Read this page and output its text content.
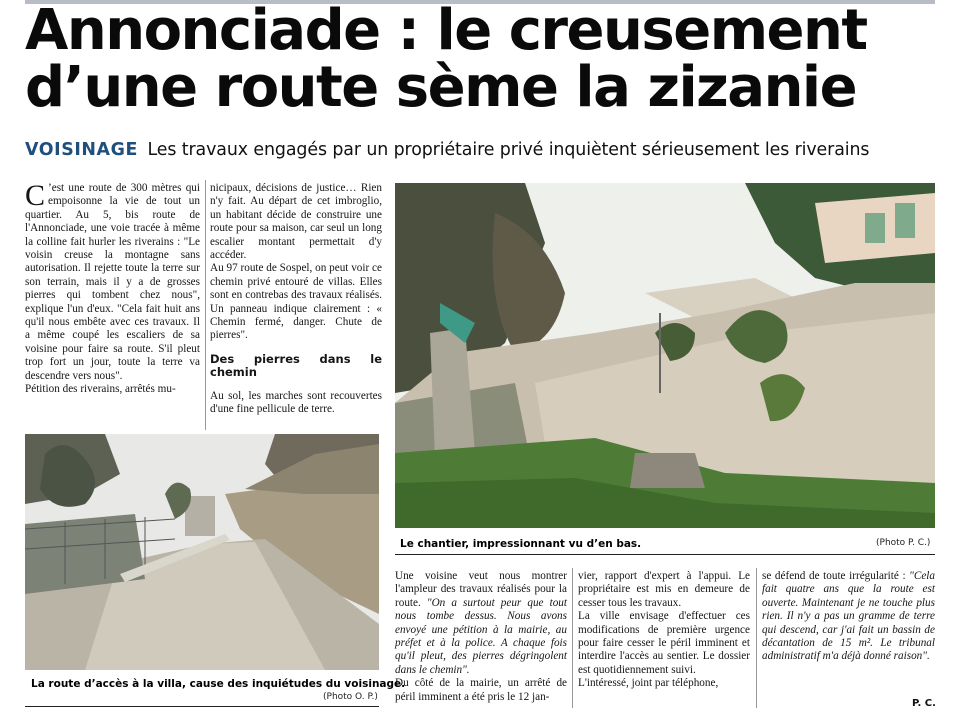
Annonciade : le creusement
d’une route sème la zizanie
VOISINAGE Les travaux engagés par un propriétaire privé inquiètent sérieusement les riverains
C ’est une route de 300 mètres qui empoisonne la vie de tout un quartier. Au 5, bis route de l'Annonciade, une voie tracée à même la colline fait hurler les riverains : "Le voisin creuse la montagne sans autorisation. Il rejette toute la terre sur son terrain, mais il y a de grosses pierres qui tombent chez nous", explique l'un d'eux. "Cela fait huit ans qu'il nous embête avec ces travaux. Il a même coupé les escaliers de sa voisine pour faire sa route. S'il pleut trop fort un jour, toute la terre va descendre vers nous".

Pétition des riverains, arrêtés mu-

nicipaux, décisions de justice… Rien n'y fait. Au départ de cet imbroglio, un habitant décide de construire une route pour sa maison, car seul un long escalier montant permettait d'y accéder.

Au 97 route de Sospel, on peut voir ce chemin privé entouré de villas. Elles sont en contrebas des travaux réalisés. Un panneau indique clairement : « Chemin fermé, danger. Chute de pierres".

Des pierres dans le chemin

Au sol, les marches sont recouvertes d'une fine pellicule de terre.

La route d’accès à la villa, cause des inquiétudes du voisinage.
(Photo O. P.)
Le chantier, impressionnant vu d’en bas.	(Photo P. C.)

Une voisine veut nous montrer l'ampleur des travaux réalisés pour la route. "On a surtout peur que tout nous tombe dessus. Nous avons envoyé une pétition à la mairie, au préfet et à la police. A chaque fois qu'il pleut, des pierres dégringolent dans le chemin".

Du côté de la mairie, un arrêté de péril imminent a été pris le 12 jan-

vier, rapport d'expert à l'appui. Le propriétaire est mis en demeure de cesser tous les travaux.

La ville envisage d'effectuer ces modifications de première urgence pour faire cesser le péril imminent et interdire l'accès au sentier. Le dossier est quotidiennement suivi.

L'intéressé, joint par téléphone,

se défend de toute irrégularité : "Cela fait quatre ans que la route est ouverte. Maintenant je ne touche plus rien. Il n'y a pas un gramme de terre qui descend, car j'ai fait un bassin de décantation de 15 m². Le tribunal administratif m'a déjà donné raison".

P. C.
